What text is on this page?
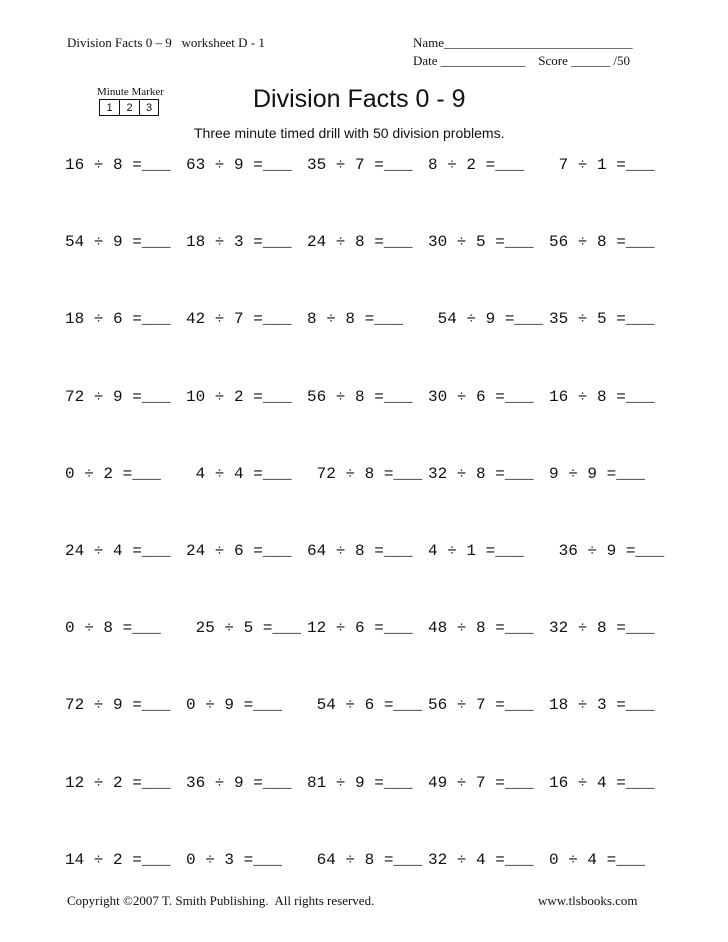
Division Facts 0 – 9   worksheet D - 1	Name_____________________________
Date _____________    Score ______ /50
Minute Marker
1	2	3	Division Facts 0 - 9
Three minute timed drill with 50 division problems.
16 ÷ 8 =___ 63 ÷ 9 =___ 35 ÷ 7 =___ 8 ÷ 2 =___	7 ÷ 1 =___
54 ÷ 9 =___ 18 ÷ 3 =___ 24 ÷ 8 =___ 30 ÷ 5 =___ 56 ÷ 8 =___
18 ÷ 6 =___ 42 ÷ 7 =___ 8 ÷ 8 =___	54 ÷ 9 =___ 35 ÷ 5 =___
72 ÷ 9 =___ 10 ÷ 2 =___ 56 ÷ 8 =___ 30 ÷ 6 =___ 16 ÷ 8 =___
0 ÷ 2 =___	4 ÷ 4 =___ 72 ÷ 8 =___ 32 ÷ 8 =___ 9 ÷ 9 =___
24 ÷ 4 =___ 24 ÷ 6 =___ 64 ÷ 8 =___ 4 ÷ 1 =___	36 ÷ 9 =___
0 ÷ 8 =___	25 ÷ 5 =___ 12 ÷ 6 =___ 48 ÷ 8 =___ 32 ÷ 8 =___
72 ÷ 9 =___ 0 ÷ 9 =___	54 ÷ 6 =___ 56 ÷ 7 =___ 18 ÷ 3 =___
12 ÷ 2 =___ 36 ÷ 9 =___ 81 ÷ 9 =___ 49 ÷ 7 =___ 16 ÷ 4 =___
14 ÷ 2 =___ 0 ÷ 3 =___	64 ÷ 8 =___ 32 ÷ 4 =___ 0 ÷ 4 =___
Copyright ©2007 T. Smith Publishing.  All rights reserved.	www.tlsbooks.com
